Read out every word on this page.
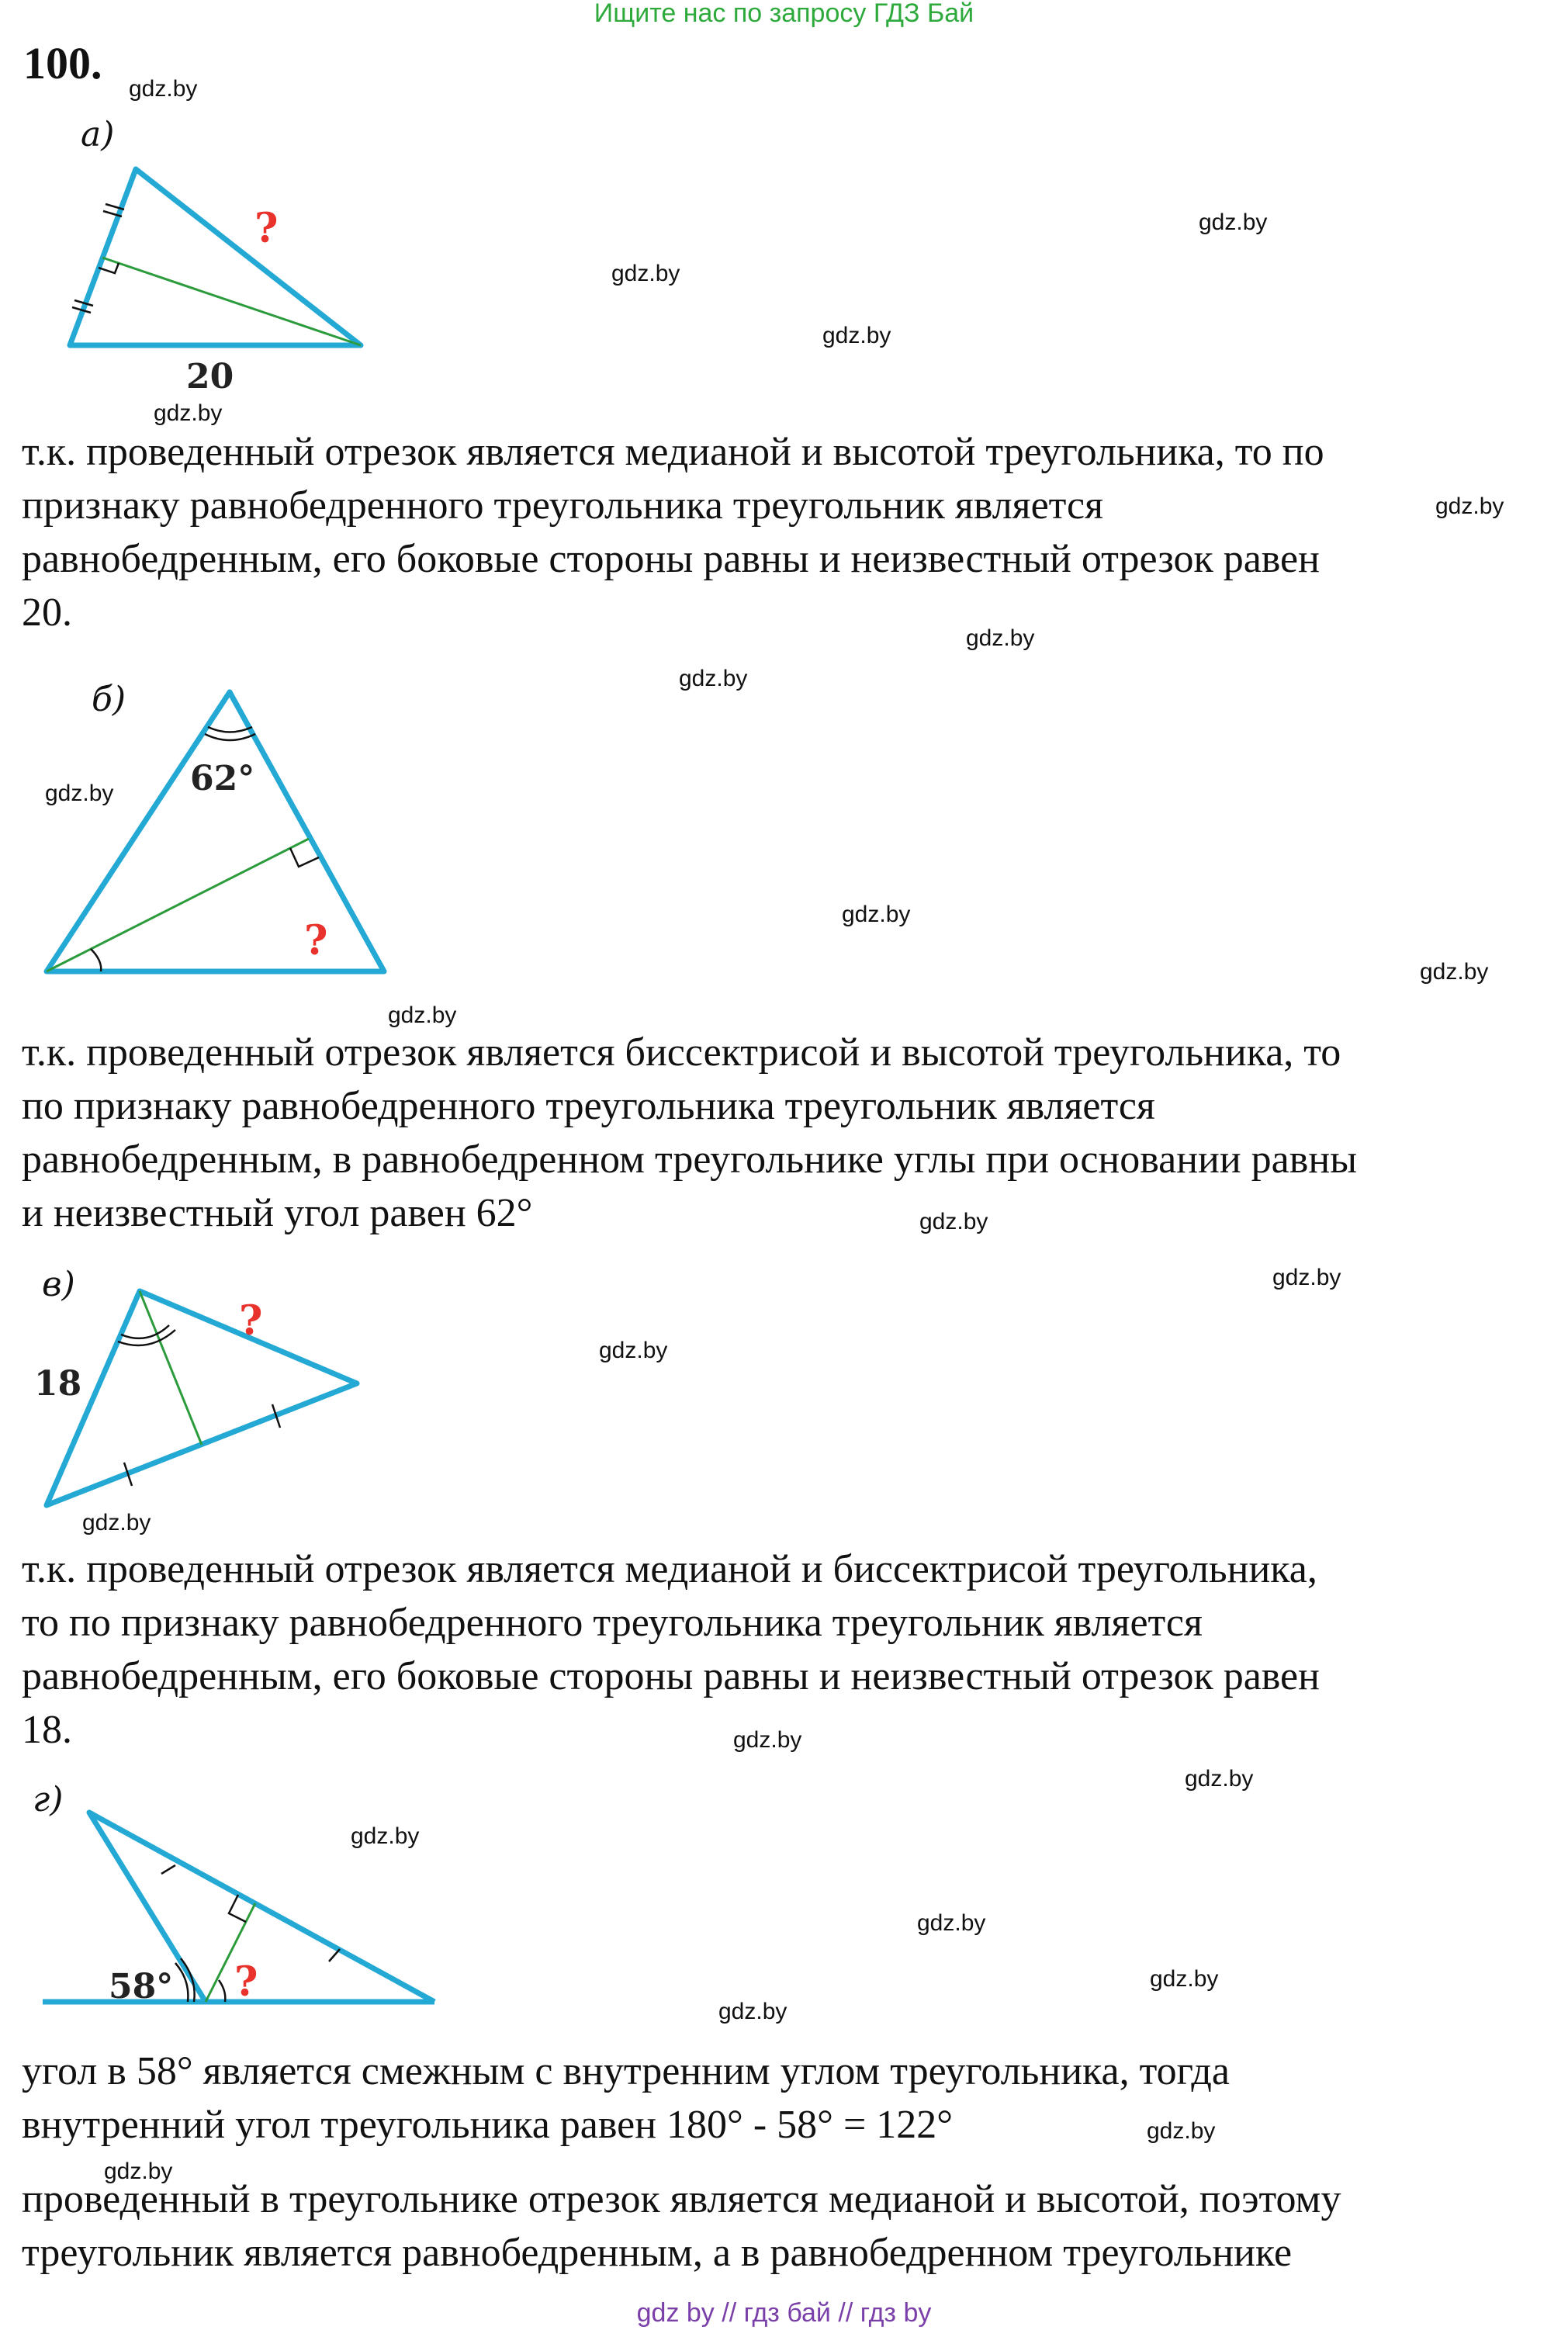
Ищите нас по запросу ГДЗ Бай
100.
а)
?
20
б)
62°
?
в)
18
?
г)
58° ?
т.к. проведенный отрезок является медианой и высотой треугольника, то по
признаку равнобедренного треугольника треугольник является
равнобедренным, его боковые стороны равны и неизвестный отрезок равен
20.
т.к. проведенный отрезок является биссектрисой и высотой треугольника, то
по признаку равнобедренного треугольника треугольник является
равнобедренным, в равнобедренном треугольнике углы при основании равны
и неизвестный угол равен 62°
т.к. проведенный отрезок является медианой и биссектрисой треугольника,
то по признаку равнобедренного треугольника треугольник является
равнобедренным, его боковые стороны равны и неизвестный отрезок равен
18.
угол в 58° является смежным с внутренним углом треугольника, тогда
внутренний угол треугольника равен 180° - 58° = 122°
проведенный в треугольнике отрезок является медианой и высотой, поэтому
треугольник является равнобедренным, а в равнобедренном треугольнике
gdz.by
gdz.by
gdz.by
gdz.by
gdz.by
gdz.by
gdz.by
gdz.by
gdz.by
gdz.by
gdz.by
gdz.by
gdz.by
gdz.by
gdz.by
gdz.by
gdz.by
gdz.by
gdz.by
gdz.by
gdz.by
gdz.by
gdz.by
gdz.by
gdz by // гдз бай // гдз by
